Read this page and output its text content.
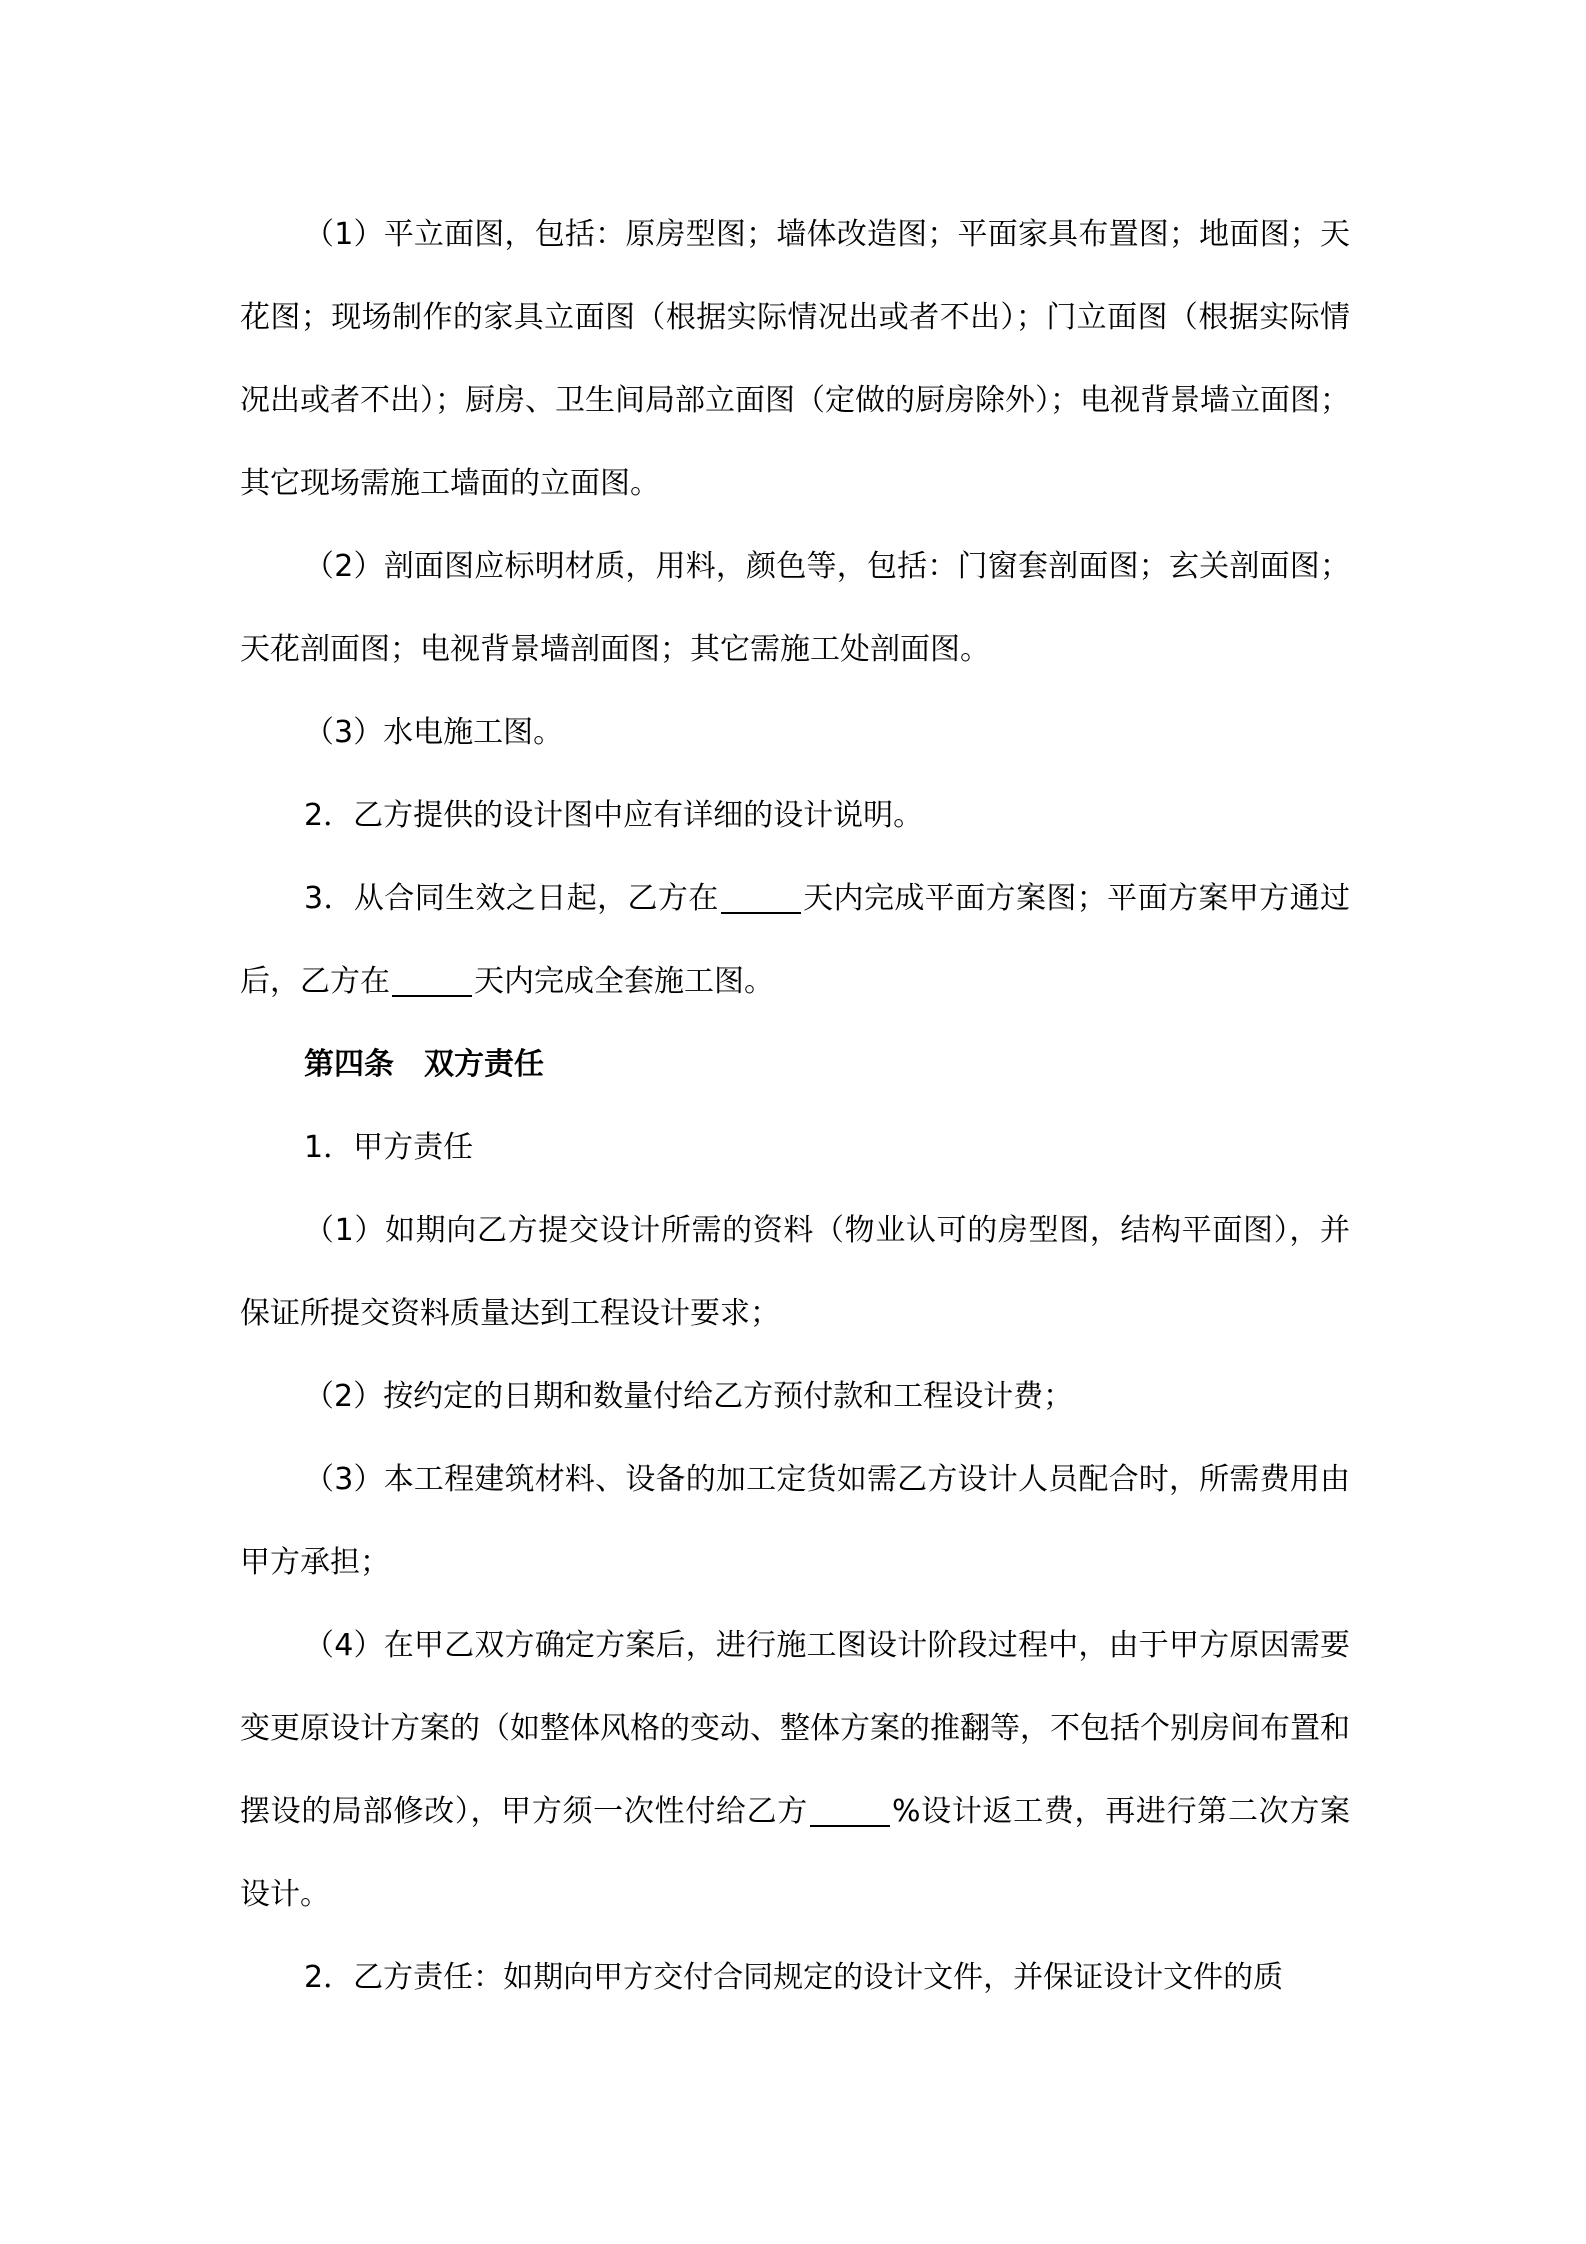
（1）平立面图，包括：原房型图；墙体改造图；平面家具布置图；地面图；天花图；现场制作的家具立面图（根据实际情况出或者不出）；门立面图（根据实际情况出或者不出）；厨房、卫生间局部立面图（定做的厨房除外）；电视背景墙立面图；其它现场需施工墙面的立面图。

（2）剖面图应标明材质，用料，颜色等，包括：门窗套剖面图；玄关剖面图；天花剖面图；电视背景墙剖面图；其它需施工处剖面图。

（3）水电施工图。

2．乙方提供的设计图中应有详细的设计说明。

3．从合同生效之日起，乙方在	天内完成平面方案图；平面方案甲方通过后，乙方在	天内完成全套施工图。

第四条　双方责任

1．甲方责任

（1）如期向乙方提交设计所需的资料（物业认可的房型图，结构平面图），并保证所提交资料质量达到工程设计要求；

（2）按约定的日期和数量付给乙方预付款和工程设计费；

（3）本工程建筑材料、设备的加工定货如需乙方设计人员配合时，所需费用由甲方承担；

（4）在甲乙双方确定方案后，进行施工图设计阶段过程中，由于甲方原因需要变更原设计方案的（如整体风格的变动、整体方案的推翻等，不包括个别房间布置和摆设的局部修改），甲方须一次性付给乙方	%设计返工费，再进行第二次方案设计。

2．乙方责任：如期向甲方交付合同规定的设计文件，并保证设计文件的质
